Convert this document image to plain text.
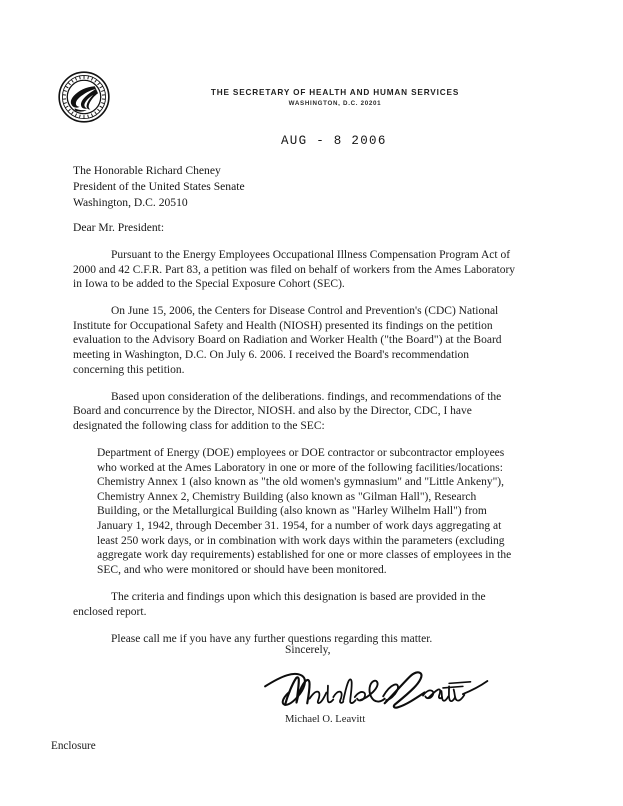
THE SECRETARY OF HEALTH AND HUMAN SERVICES
WASHINGTON, D.C. 20201
AUG - 8 2006
The Honorable Richard Cheney
President of the United States Senate
Washington, D.C. 20510
Dear Mr. President:

Pursuant to the Energy Employees Occupational Illness Compensation Program Act of 2000 and 42 C.F.R. Part 83, a petition was filed on behalf of workers from the Ames Laboratory in Iowa to be added to the Special Exposure Cohort (SEC).

On June 15, 2006, the Centers for Disease Control and Prevention's (CDC) National Institute for Occupational Safety and Health (NIOSH) presented its findings on the petition evaluation to the Advisory Board on Radiation and Worker Health ("the Board") at the Board meeting in Washington, D.C. On July 6. 2006. I received the Board's recommendation concerning this petition.

Based upon consideration of the deliberations. findings, and recommendations of the Board and concurrence by the Director, NIOSH. and also by the Director, CDC, I have designated the following class for addition to the SEC:

Department of Energy (DOE) employees or DOE contractor or subcontractor employees who worked at the Ames Laboratory in one or more of the following facilities/locations: Chemistry Annex 1 (also known as "the old women's gymnasium" and "Little Ankeny"), Chemistry Annex 2, Chemistry Building (also known as "Gilman Hall"), Research Building, or the Metallurgical Building (also known as "Harley Wilhelm Hall") from January 1, 1942, through December 31. 1954, for a number of work days aggregating at least 250 work days, or in combination with work days within the parameters (excluding aggregate work day requirements) established for one or more classes of employees in the SEC, and who were monitored or should have been monitored.

The criteria and findings upon which this designation is based are provided in the enclosed report.

Please call me if you have any further questions regarding this matter.

Sincerely,
Michael O. Leavitt
Enclosure
